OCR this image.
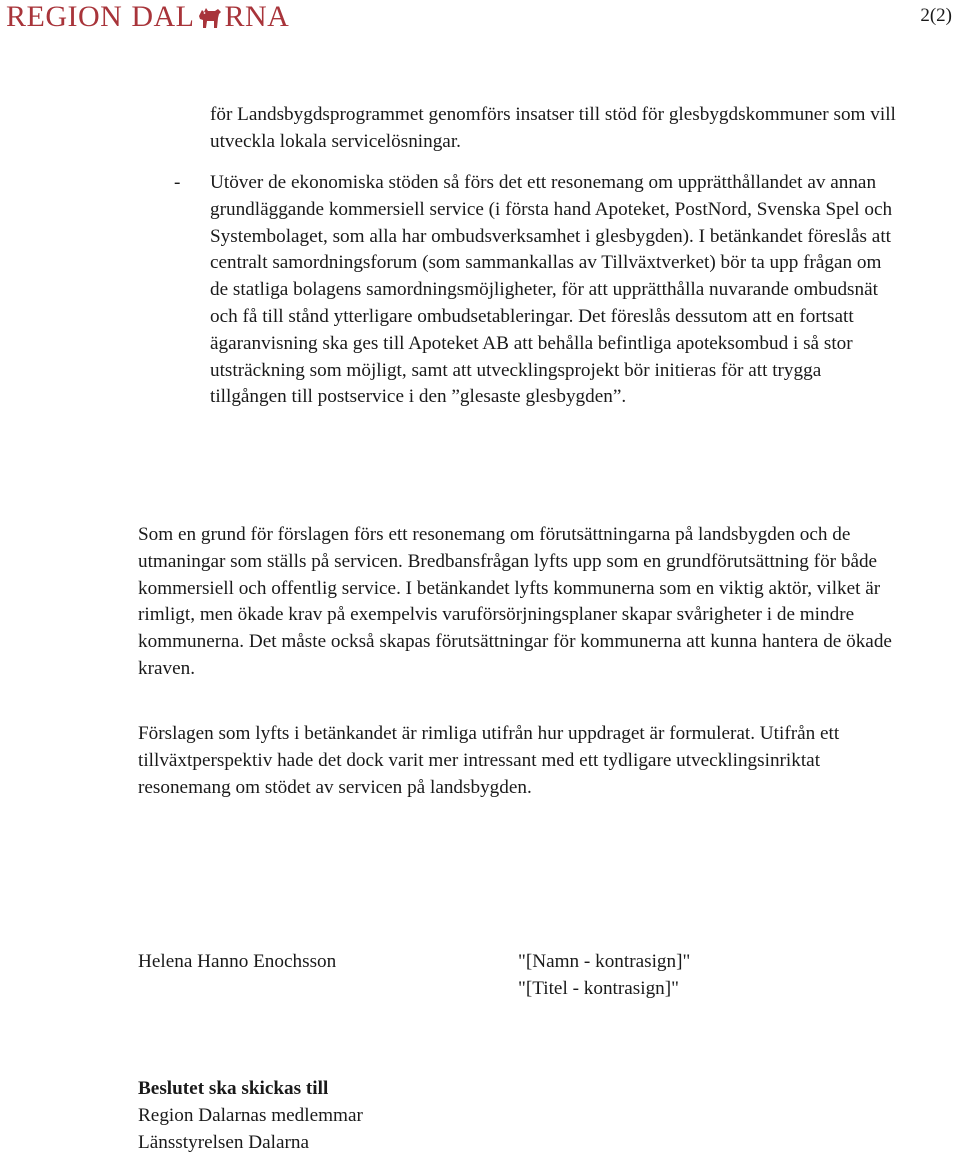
REGION DAL RNA	2(2)
för Landsbygdsprogrammet genomförs insatser till stöd för glesbygdskommuner som vill utveckla lokala servicelösningar.
- Utöver de ekonomiska stöden så förs det ett resonemang om upprätthållandet av annan grundläggande kommersiell service (i första hand Apoteket, PostNord, Svenska Spel och Systembolaget, som alla har ombudsverksamhet i glesbygden). I betänkandet föreslås att centralt samordningsforum (som sammankallas av Tillväxtverket) bör ta upp frågan om de statliga bolagens samordningsmöjligheter, för att upprätthålla nuvarande ombudsnät och få till stånd ytterligare ombudsetableringar. Det föreslås dessutom att en fortsatt ägaranvisning ska ges till Apoteket AB att behålla befintliga apoteksombud i så stor utsträckning som möjligt, samt att utvecklingsprojekt bör initieras för att trygga tillgången till postservice i den ”glesaste glesbygden”.

Som en grund för förslagen förs ett resonemang om förutsättningarna på landsbygden och de utmaningar som ställs på servicen. Bredbansfrågan lyfts upp som en grundförutsättning för både kommersiell och offentlig service. I betänkandet lyfts kommunerna som en viktig aktör, vilket är rimligt, men ökade krav på exempelvis varuförsörjningsplaner skapar svårigheter i de mindre kommunerna. Det måste också skapas förutsättningar för kommunerna att kunna hantera de ökade kraven.

Förslagen som lyfts i betänkandet är rimliga utifrån hur uppdraget är formulerat. Utifrån ett tillväxtperspektiv hade det dock varit mer intressant med ett tydligare utvecklingsinriktat resonemang om stödet av servicen på landsbygden.

Helena Hanno Enochsson	"[Namn - kontrasign]"
"[Titel - kontrasign]"
Beslutet ska skickas till
Region Dalarnas medlemmar
Länsstyrelsen Dalarna
